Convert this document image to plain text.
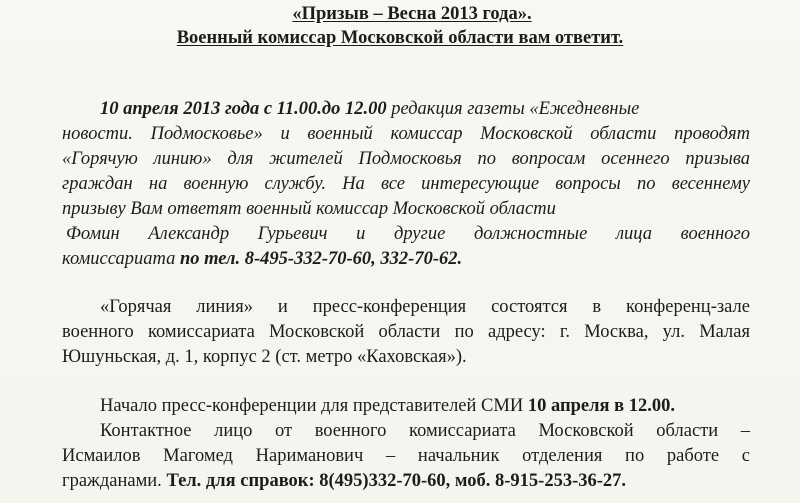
«Призыв – Весна 2013 года».
Военный комиссар Московской области вам ответит.
10 апреля 2013 года с 11.00.до 12.00 редакция газеты «Ежедневные
новости. Подмосковье» и военный комиссар Московской области проводят
«Горячую линию» для жителей Подмосковья по вопросам осеннего призыва
граждан на военную службу. На все интересующие вопросы по весеннему
призыву Вам ответят военный комиссар Московской области
Фомин Александр Гурьевич и другие должностные лица военного
комиссариата по тел. 8-495-332-70-60, 332-70-62.
«Горячая линия» и пресс-конференция состоятся в конференц-зале
военного комиссариата Московской области по адресу: г. Москва, ул. Малая
Юшуньская, д. 1, корпус 2 (ст. метро «Каховская»).
Начало пресс-конференции для представителей СМИ 10 апреля в 12.00.
Контактное лицо от военного комиссариата Московской области –
Исмаилов Магомед Нариманович – начальник отделения по работе с
гражданами. Тел. для справок: 8(495)332-70-60, моб. 8-915-253-36-27.
